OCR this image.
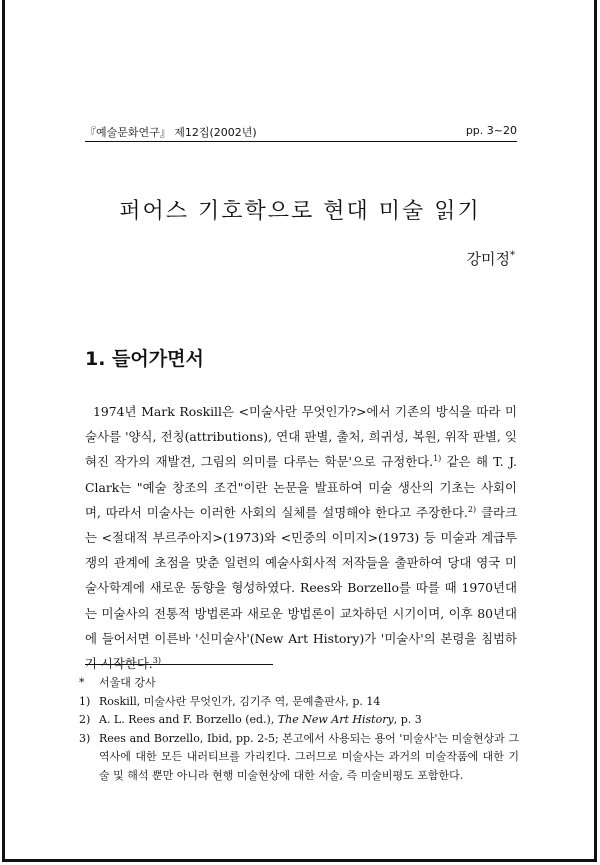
『예술문화연구』 제12집(2002년)	pp. 3~20
퍼어스 기호학으로 현대 미술 읽기
강미정*
1. 들어가면서

1974년 Mark Roskill은 <미술사란 무엇인가?>에서 기존의 방식을 따라 미술사를 '양식, 전칭(attributions), 연대 판별, 출처, 희귀성, 복원, 위작 판별, 잊혀진 작가의 재발견, 그림의 의미를 다루는 학문'으로 규정한다.$^{1)}$ 같은 해 T. J. Clark는 "예술 창조의 조건"이란 논문을 발표하여 미술 생산의 기초는 사회이며, 따라서 미술사는 이러한 사회의 실체를 설명해야 한다고 주장한다.$^{2)}$ 클라크는 <절대적 부르주아지>(1973)와 <민중의 이미지>(1973) 등 미술과 계급투쟁의 관계에 초점을 맞춘 일련의 예술사회사적 저작들을 출판하여 당대 영국 미술사학계에 새로운 동향을 형성하였다. Rees와 Borzello를 따를 때 1970년대는 미술사의 전통적 방법론과 새로운 방법론이 교차하던 시기이며, 이후 80년대에 들어서면 이른바 '신미술사'(New Art History)가 '미술사'의 본령을 침범하기 시작한다.$^{3)}$

*	서울대 강사
1) Roskill, 미술사란 무엇인가, 김기주 역, 문예출판사, p. 14
2) A. L. Rees and F. Borzello (ed.), The New Art History, p. 3
3) Rees and Borzello, Ibid, pp. 2-5; 본고에서 사용되는 용어 '미술사'는 미술현상과 그 역사에 대한 모든 내러티브를 가리킨다. 그러므로 미술사는 과거의 미술작품에 대한 기술 및 해석 뿐만 아니라 현행 미술현상에 대한 서술, 즉 미술비평도 포함한다.
